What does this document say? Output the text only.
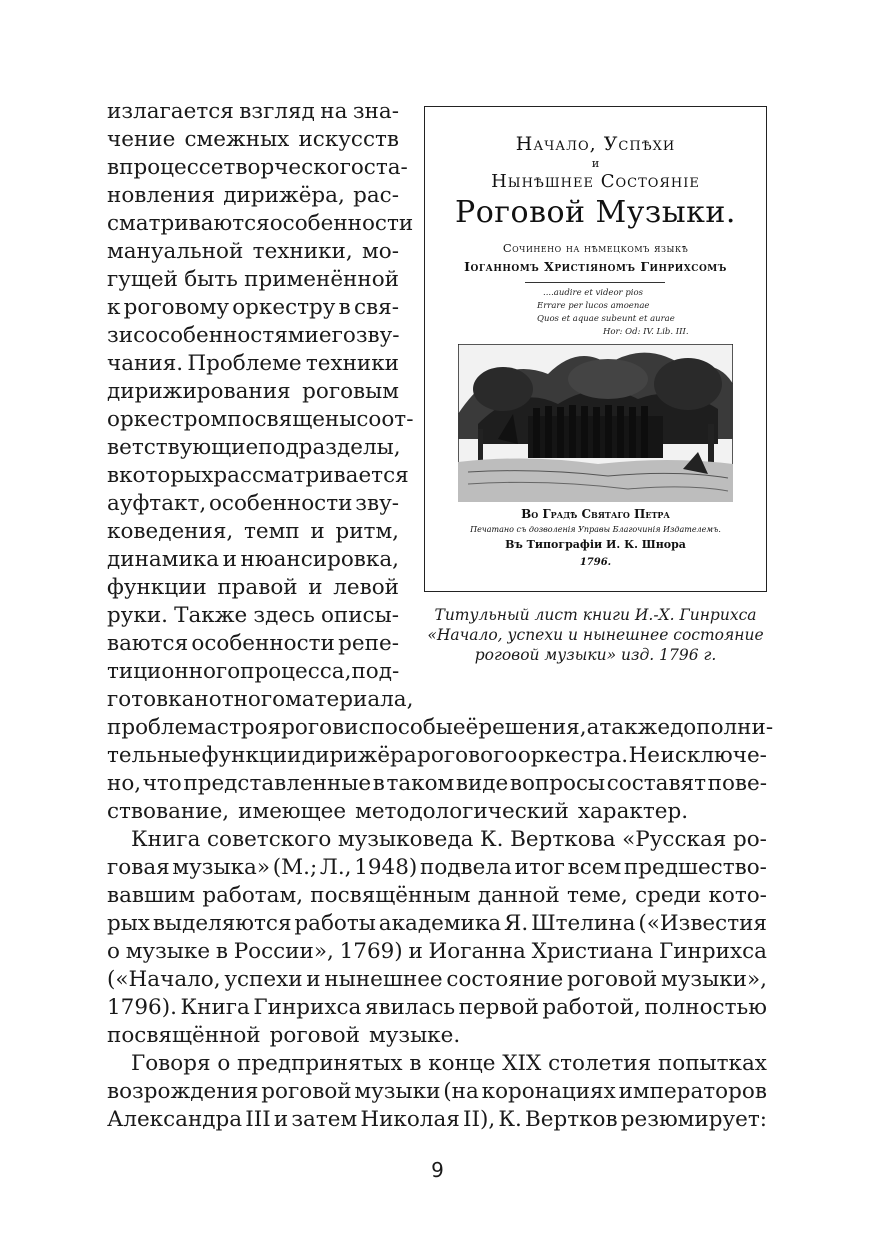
излагается взгляд на зна-

чение смежных искусств

в процессе творческого ста-

новления дирижёра, рас-

сматриваются особенности

мануальной техники, мо-

гущей быть применённой

к роговому оркестру в свя-

зи с особенностями его зву-

чания. Проблеме техники

дирижирования роговым

оркестром посвящены соот-

ветствующие подразделы,

в которых рассматривается

ауфтакт, особенности зву-

коведения, темп и ритм,

динамика и нюансировка,

функции правой и левой

руки. Также здесь описы-

ваются особенности репе-

тиционного процесса, под-

готовка нотного материала,

проблема строя рогов и способы её решения, а также дополни-

тельные функции дирижёра рогового оркестра. Не исключе-

но, что представленные в таком виде вопросы составят пове-

ствование, имеющее методологический характер.

Книга советского музыковеда К. Верткова «Русская ро-

говая музыка» (М.; Л., 1948) подвела итог всем предшество-

вавшим работам, посвящённым данной теме, среди кото-

рых выделяются работы академика Я. Штелина («Известия

о музыке в России», 1769) и Иоганна Христиана Гинрихса

(«Начало, успехи и нынешнее состояние роговой музыки»,

1796). Книга Гинрихса явилась первой работой, полностью

посвящённой роговой музыке.

Говоря о предпринятых в конце XIX столетия попытках

возрождения роговой музыки (на коронациях императоров

Александра III и затем Николая II), К. Вертков резюмирует:

Начало, Успѣхи
и
Нынѣшнее Состоянiе
Роговой Музыки.
Сочинено на нѣмецкомъ языкѣ
Iоганномъ Христiяномъ Гинрихсомъ
....audire et videor pios
Errare per lucos amoenae
Quos et aquae subeunt et aurae
Hor: Od: IV. Lib. III.
Во Градѣ Святаго Петра
Печатано съ дозволенiя Управы Благочинiя Издателемъ.
Въ Типографiи И. К. Шнора
1796.
Титульный лист книги И.-Х. Гинрихса
«Начало, успехи и нынешнее состояние
роговой музыки» изд. 1796 г.
9
